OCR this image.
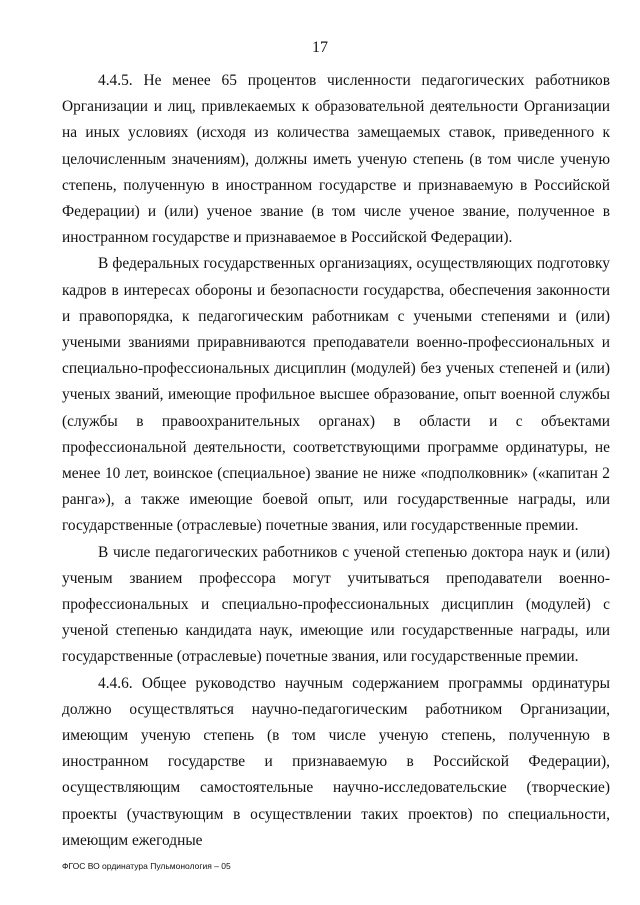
17

4.4.5. Не менее 65 процентов численности педагогических работников Организации и лиц, привлекаемых к образовательной деятельности Организации на иных условиях (исходя из количества замещаемых ставок, приведенного к целочисленным значениям), должны иметь ученую степень (в том числе ученую степень, полученную в иностранном государстве и признаваемую в Российской Федерации) и (или) ученое звание (в том числе ученое звание, полученное в иностранном государстве и признаваемое в Российской Федерации).

В федеральных государственных организациях, осуществляющих подготовку кадров в интересах обороны и безопасности государства, обеспечения законности и правопорядка, к педагогическим работникам с учеными степенями и (или) учеными званиями приравниваются преподаватели военно-профессиональных и специально-профессиональных дисциплин (модулей) без ученых степеней и (или) ученых званий, имеющие профильное высшее образование, опыт военной службы (службы в правоохранительных органах) в области и с объектами профессиональной деятельности, соответствующими программе ординатуры, не менее 10 лет, воинское (специальное) звание не ниже «подполковник» («капитан 2 ранга»), а также имеющие боевой опыт, или государственные награды, или государственные (отраслевые) почетные звания, или государственные премии.

В числе педагогических работников с ученой степенью доктора наук и (или) ученым званием профессора могут учитываться преподаватели военно-профессиональных и специально-профессиональных дисциплин (модулей) с ученой степенью кандидата наук, имеющие или государственные награды, или государственные (отраслевые) почетные звания, или государственные премии.

4.4.6. Общее руководство научным содержанием программы ординатуры должно осуществляться научно-педагогическим работником Организации, имеющим ученую степень (в том числе ученую степень, полученную в иностранном государстве и признаваемую в Российской Федерации), осуществляющим самостоятельные научно-исследовательские (творческие) проекты (участвующим в осуществлении таких проектов) по специальности, имеющим ежегодные

ФГОС ВО ординатура Пульмонология – 05
